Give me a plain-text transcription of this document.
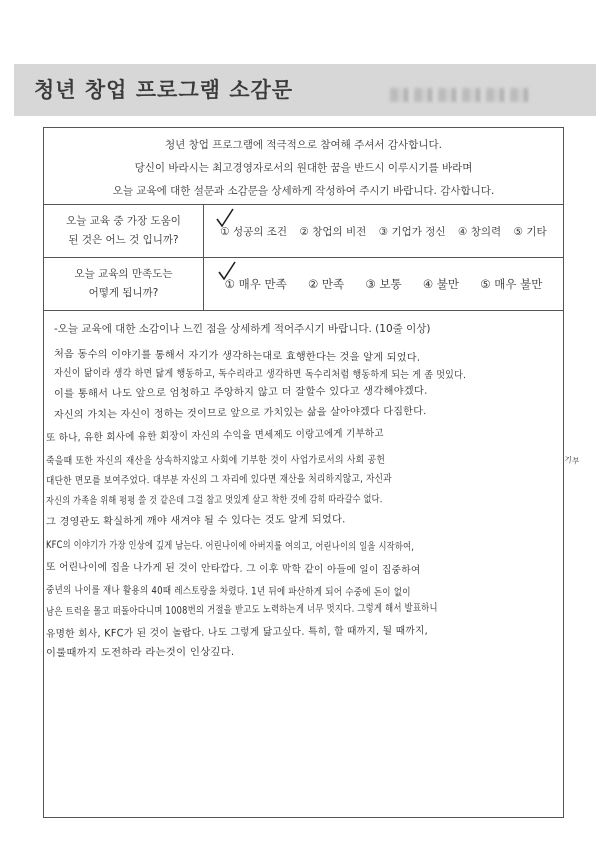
청년 창업 프로그램 소감문

청년 창업 프로그램에 적극적으로 참여해 주셔서 감사합니다.

당신이 바라시는 최고경영자로서의 원대한 꿈을 반드시 이루시기를 바라며

오늘 교육에 대한 설문과 소감문을 상세하게 작성하여 주시기 바랍니다. 감사합니다.

오늘 교육 중 가장 도움이
된 것은 어느 것 입니까?
① 성공의 조건 ② 창업의 비전 ③ 기업가 정신 ④ 창의력 ⑤ 기타
오늘 교육의 만족도는
어떻게 됩니까?
① 매우 만족 ② 만족 ③ 보통 ④ 불만 ⑤ 매우 불만
-오늘 교육에 대한 소감이나 느낀 점을 상세하게 적어주시기 바랍니다. (10줄 이상)
처음 동수의 이야기를 통해서 자기가 생각하는대로 효행한다는 것을 알게 되었다.
자신이 닮이라 생각 하면 닮게 행동하고, 독수리라고 생각하면 독수리처럼 행동하게 되는 게 좀 멋있다.
이를 통해서 나도 앞으로 엄청하고 주앙하지 않고 더 잘할수 있다고 생각해야겠다.
자신의 가치는 자신이 정하는 것이므로 앞으로 가치있는 삶을 살아야겠다 다짐한다.
또 하나, 유한 회사에 유한 회장이 자신의 수익을 면세제도 이랑고에게 기부하고
죽을때 또한 자신의 재산을 상속하지않고 사회에 기부한 것이 사업가로서의 사회 공헌
대단한 면모를 보여주었다. 대부분 자신의 그 자리에 있다면 재산을 처리하지않고, 자신과
자신의 가족을 위해 펑펑 쓸 것 같은데 그걸 참고 멋있게 살고 착한 것에 감히 따라갈수 없다.
그 경영관도 확실하게 깨야 새겨야 될 수 있다는 것도 알게 되었다.
KFC의 이야기가 가장 인상에 깊게 남는다. 어린나이에 아버지를 여의고, 어린나이의 일을 시작하여,
또 어린나이에 집을 나가게 된 것이 안타깝다. 그 이후 막학 같이 아들에 일이 집중하여
중년의 나이를 재나 활용의 40때 레스토랑을 차렸다. 1년 뒤에 파산하게 되어 수중에 돈이 없이
남은 트럭을 몰고 떠돌아다니며 1008번의 거절을 받고도 노력하는게 너무 멋지다. 그렇게 해서 발표하니
유명한 회사, KFC가 된 것이 놀랍다. 나도 그렇게 닮고싶다. 특히, 할 때까지, 될 때까지,
이룰때까지 도전하라 라는것이 인상깊다.
기부
